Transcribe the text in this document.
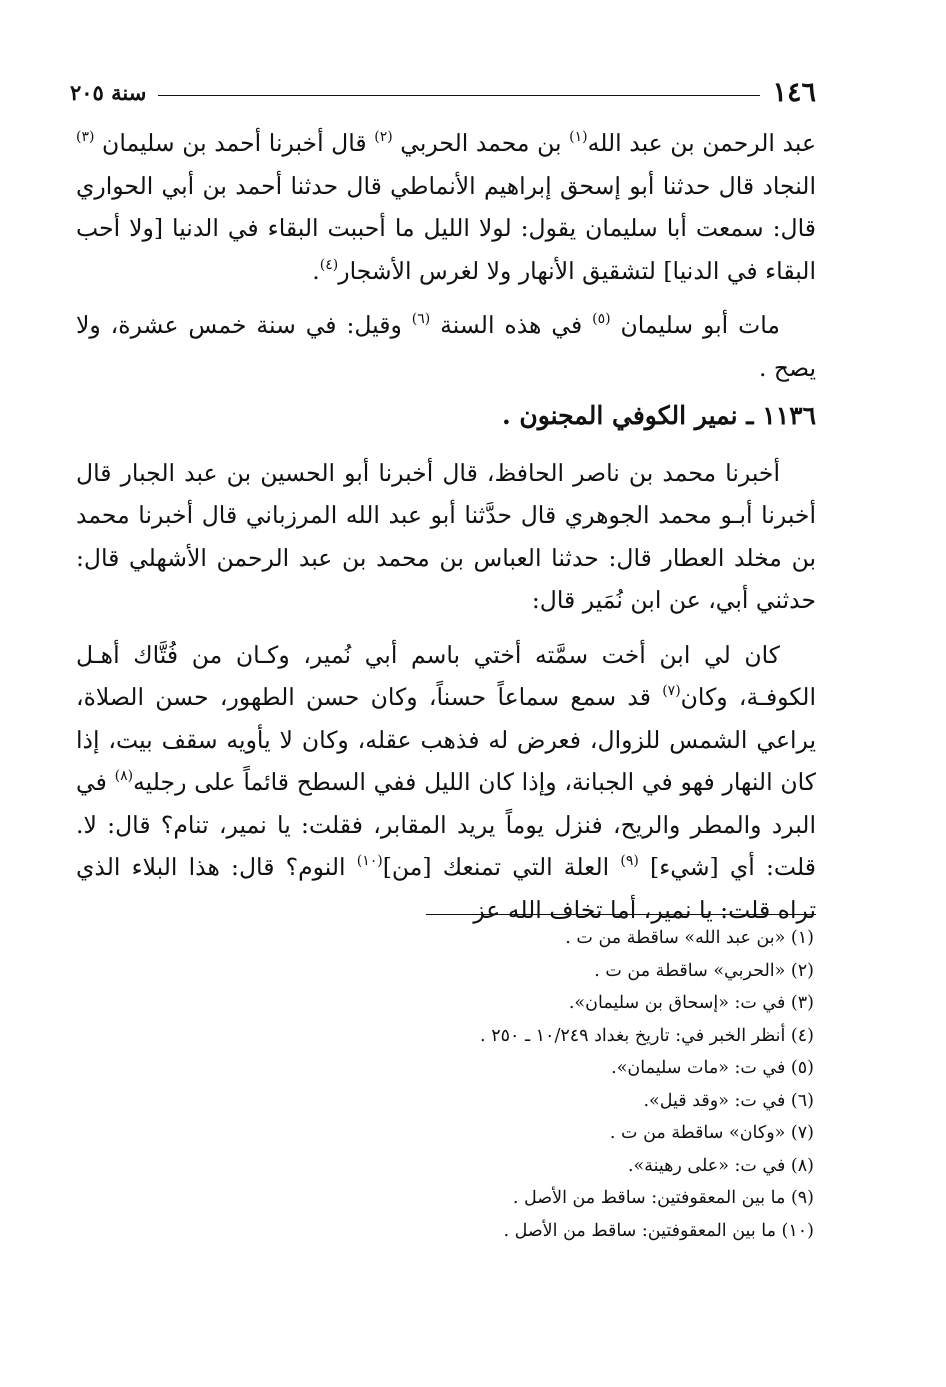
١٤٦
سنة ٢٠٥

عبد الرحمن بن عبد الله$^{(١)}$ بن محمد الحربي $^{(٢)}$ قال أخبرنا أحمد بن سليمان $^{(٣)}$ النجاد قال حدثنا أبو إسحق إبراهيم الأنماطي قال حدثنا أحمد بن أبي الحواري قال: سمعت أبا سليمان يقول: لولا الليل ما أحببت البقاء في الدنيا [ولا أحب البقاء في الدنيا] لتشقيق الأنهار ولا لغرس الأشجار$^{(٤)}$.

مات أبو سليمان $^{(٥)}$ في هذه السنة $^{(٦)}$ وقيل: في سنة خمس عشرة، ولا يصح .

١١٣٦ ـ نمير الكوفي المجنون .

أخبرنا محمد بن ناصر الحافظ، قال أخبرنا أبو الحسين بن عبد الجبار قال أخبرنا أبـو محمد الجوهري قال حدَّثنا أبو عبد الله المرزباني قال أخبرنا محمد بن مخلد العطار قال: حدثنا العباس بن محمد بن عبد الرحمن الأشهلي قال: حدثني أبي، عن ابن نُمَير قال:

كان لي ابن أخت سمَّته أختي باسم أبي نُمير، وكـان من فُتَّاك أهـل الكوفـة، وكان$^{(٧)}$ قد سمع سماعاً حسناً، وكان حسن الطهور، حسن الصلاة، يراعي الشمس للزوال، فعرض له فذهب عقله، وكان لا يأويه سقف بيت، إذا كان النهار فهو في الجبانة، وإذا كان الليل ففي السطح قائماً على رجليه$^{(٨)}$ في البرد والمطر والريح، فنزل يوماً يريد المقابر، فقلت: يا نمير، تنام؟ قال: لا. قلت: أي [شيء] $^{(٩)}$ العلة التي تمنعك [من]$^{(١٠)}$ النوم؟ قال: هذا البلاء الذي تراه قلت: يا نمير، أما تخاف الله عز

(١) «بن عبد الله» ساقطة من ت .
(٢) «الحربي» ساقطة من ت .
(٣) في ت: «إسحاق بن سليمان».
(٤) أنظر الخبر في: تاريخ بغداد ١٠/٢٤٩ ـ ٢٥٠ .
(٥) في ت: «مات سليمان».
(٦) في ت: «وقد قيل».
(٧) «وكان» ساقطة من ت .
(٨) في ت: «على رهينة».
(٩) ما بين المعقوفتين: ساقط من الأصل .
(١٠) ما بين المعقوفتين: ساقط من الأصل .
